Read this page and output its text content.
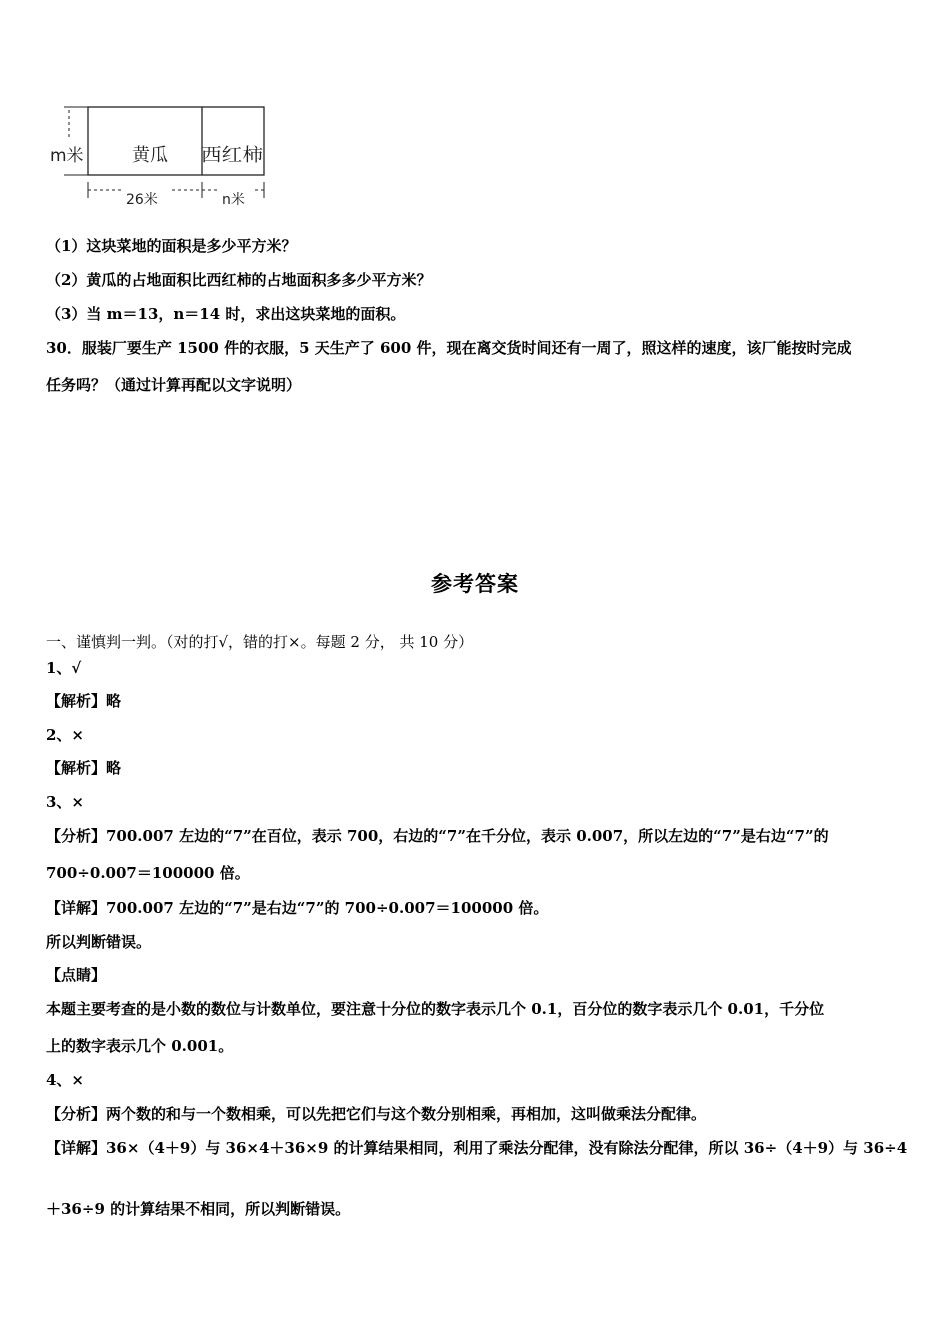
m米
26米	n米
黄瓜 西红柿
（1）这块菜地的面积是多少平方米？
（2）黄瓜的占地面积比西红柿的占地面积多多少平方米？
（3）当 m＝13，n＝14 时，求出这块菜地的面积。
30．服装厂要生产 1500 件的衣服，5 天生产了 600 件，现在离交货时间还有一周了，照这样的速度，该厂能按时完成
任务吗？（通过计算再配以文字说明）
参考答案
一、谨慎判一判。（对的打√，错的打×。每题 2 分， 共 10 分）
1、√
【解析】略
2、×
【解析】略
3、×
【分析】700.007 左边的“7”在百位，表示 700，右边的“7”在千分位，表示 0.007，所以左边的“7”是右边“7”的
700÷0.007＝100000 倍。
【详解】700.007 左边的“7”是右边“7”的 700÷0.007＝100000 倍。
所以判断错误。
【点睛】
本题主要考查的是小数的数位与计数单位，要注意十分位的数字表示几个 0.1，百分位的数字表示几个 0.01，千分位
上的数字表示几个 0.001。
4、×
【分析】两个数的和与一个数相乘，可以先把它们与这个数分别相乘，再相加，这叫做乘法分配律。
【详解】36×（4＋9）与 36×4＋36×9 的计算结果相同，利用了乘法分配律，没有除法分配律，所以 36÷（4＋9）与 36÷4
＋36÷9 的计算结果不相同，所以判断错误。
